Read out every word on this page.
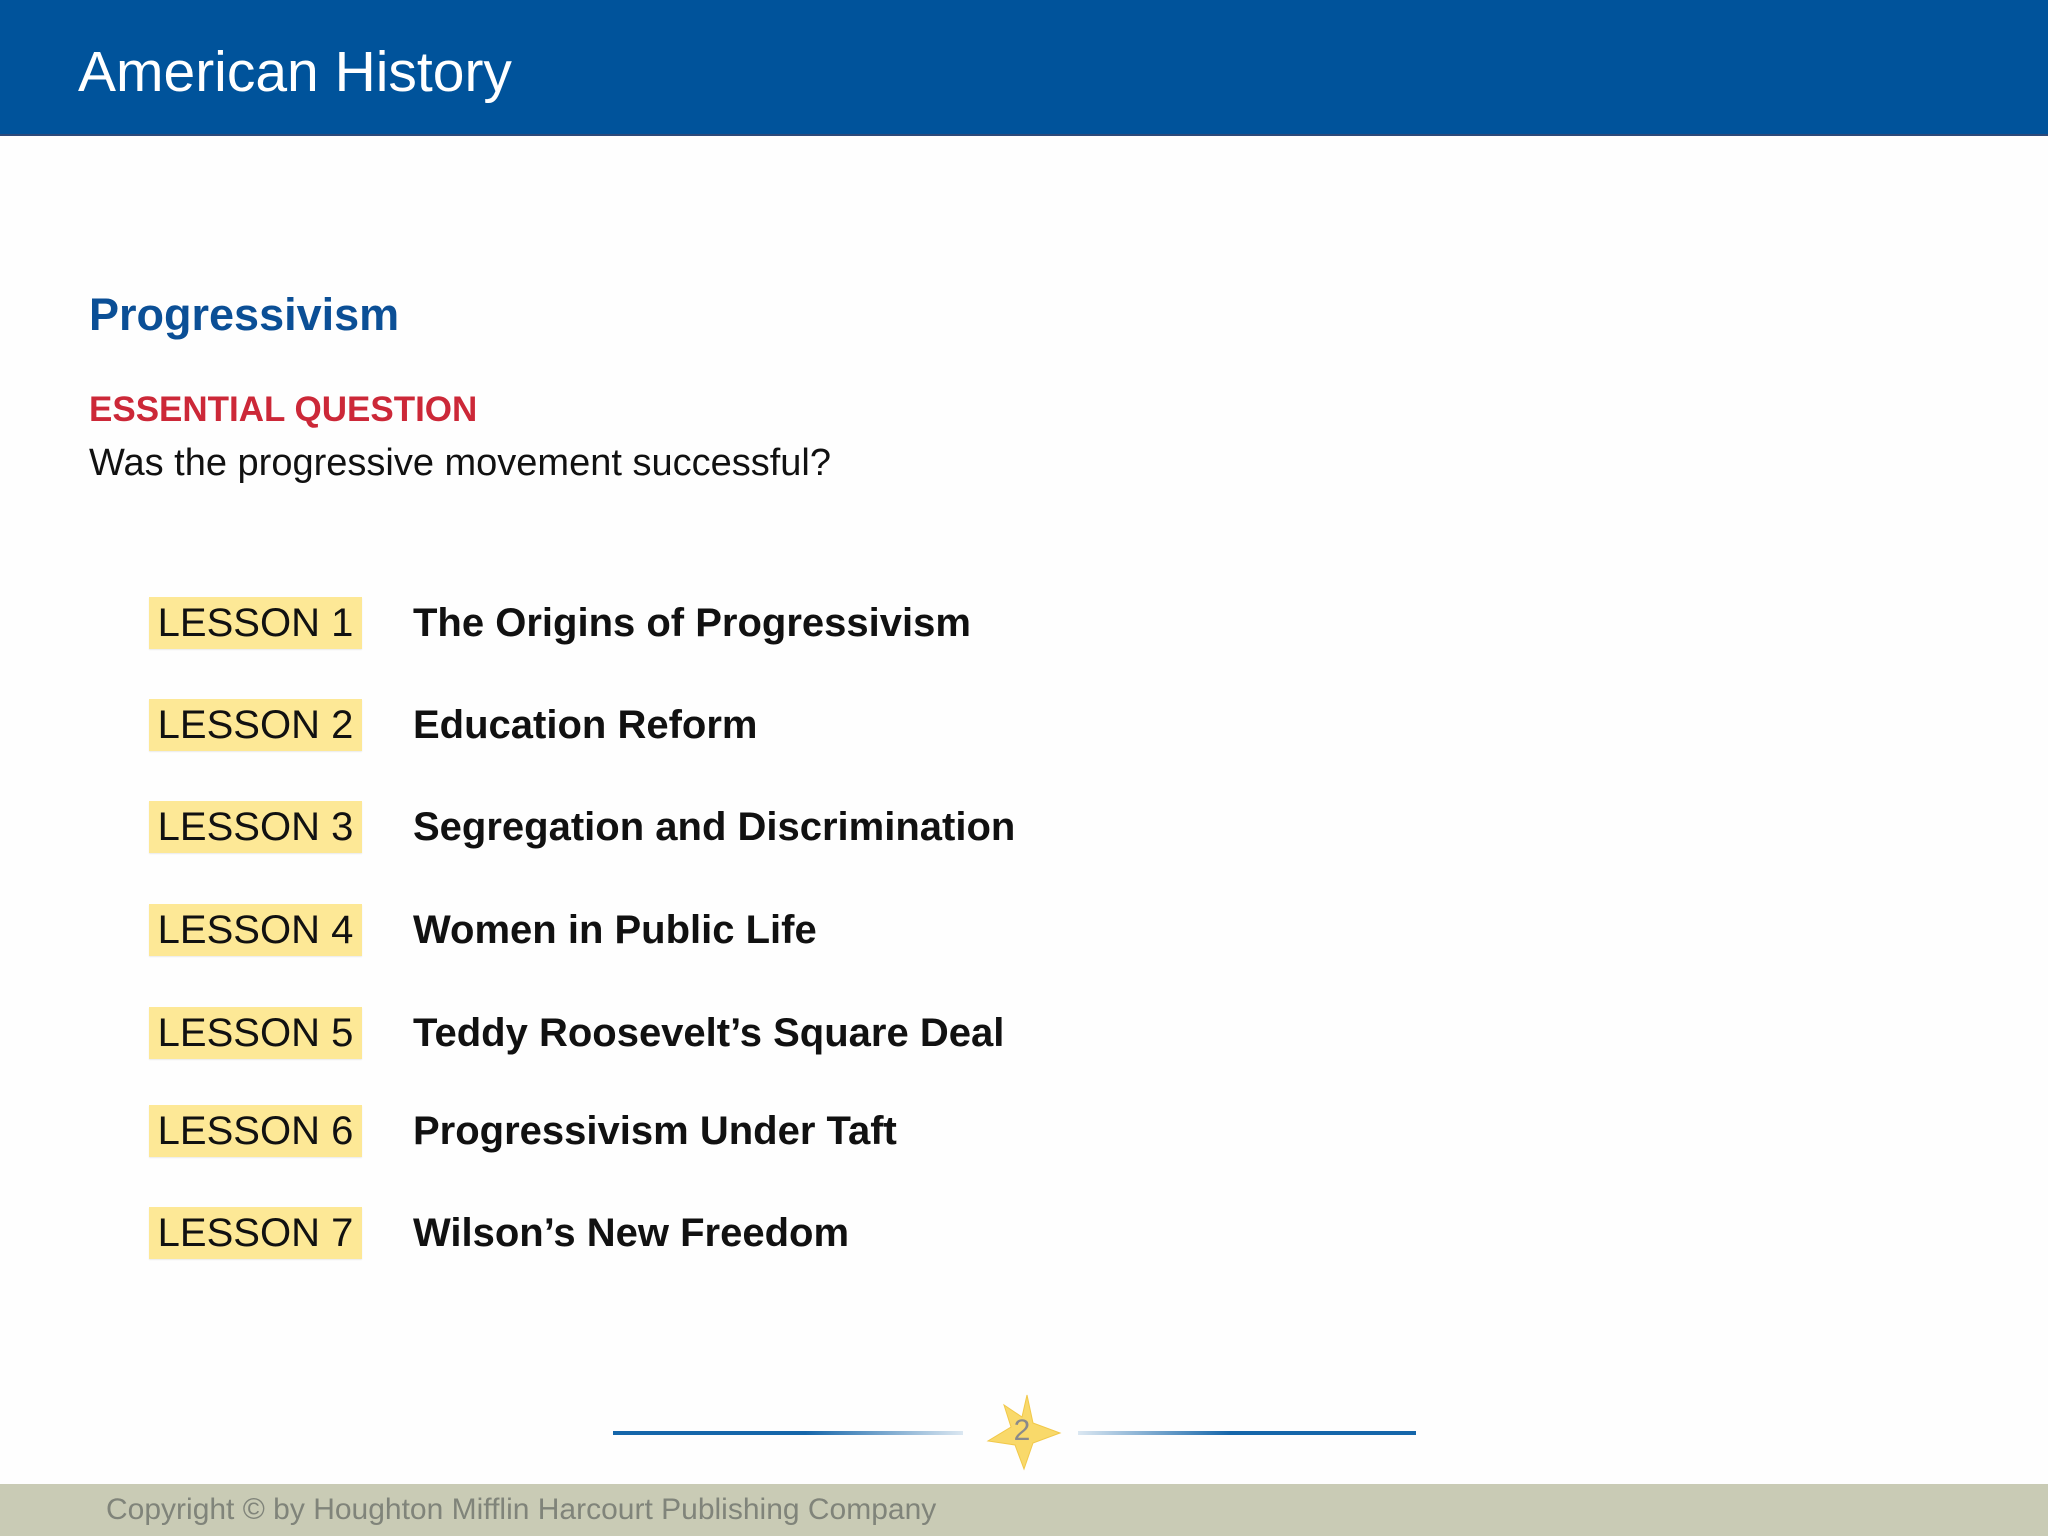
American History
Progressivism
ESSENTIAL QUESTION
Was the progressive movement successful?
LESSON 1 The Origins of Progressivism
LESSON 2 Education Reform
LESSON 3 Segregation and Discrimination
LESSON 4 Women in Public Life
LESSON 5 Teddy Roosevelt’s Square Deal
LESSON 6 Progressivism Under Taft
LESSON 7 Wilson’s New Freedom
2
Copyright © by Houghton Mifflin Harcourt Publishing Company
